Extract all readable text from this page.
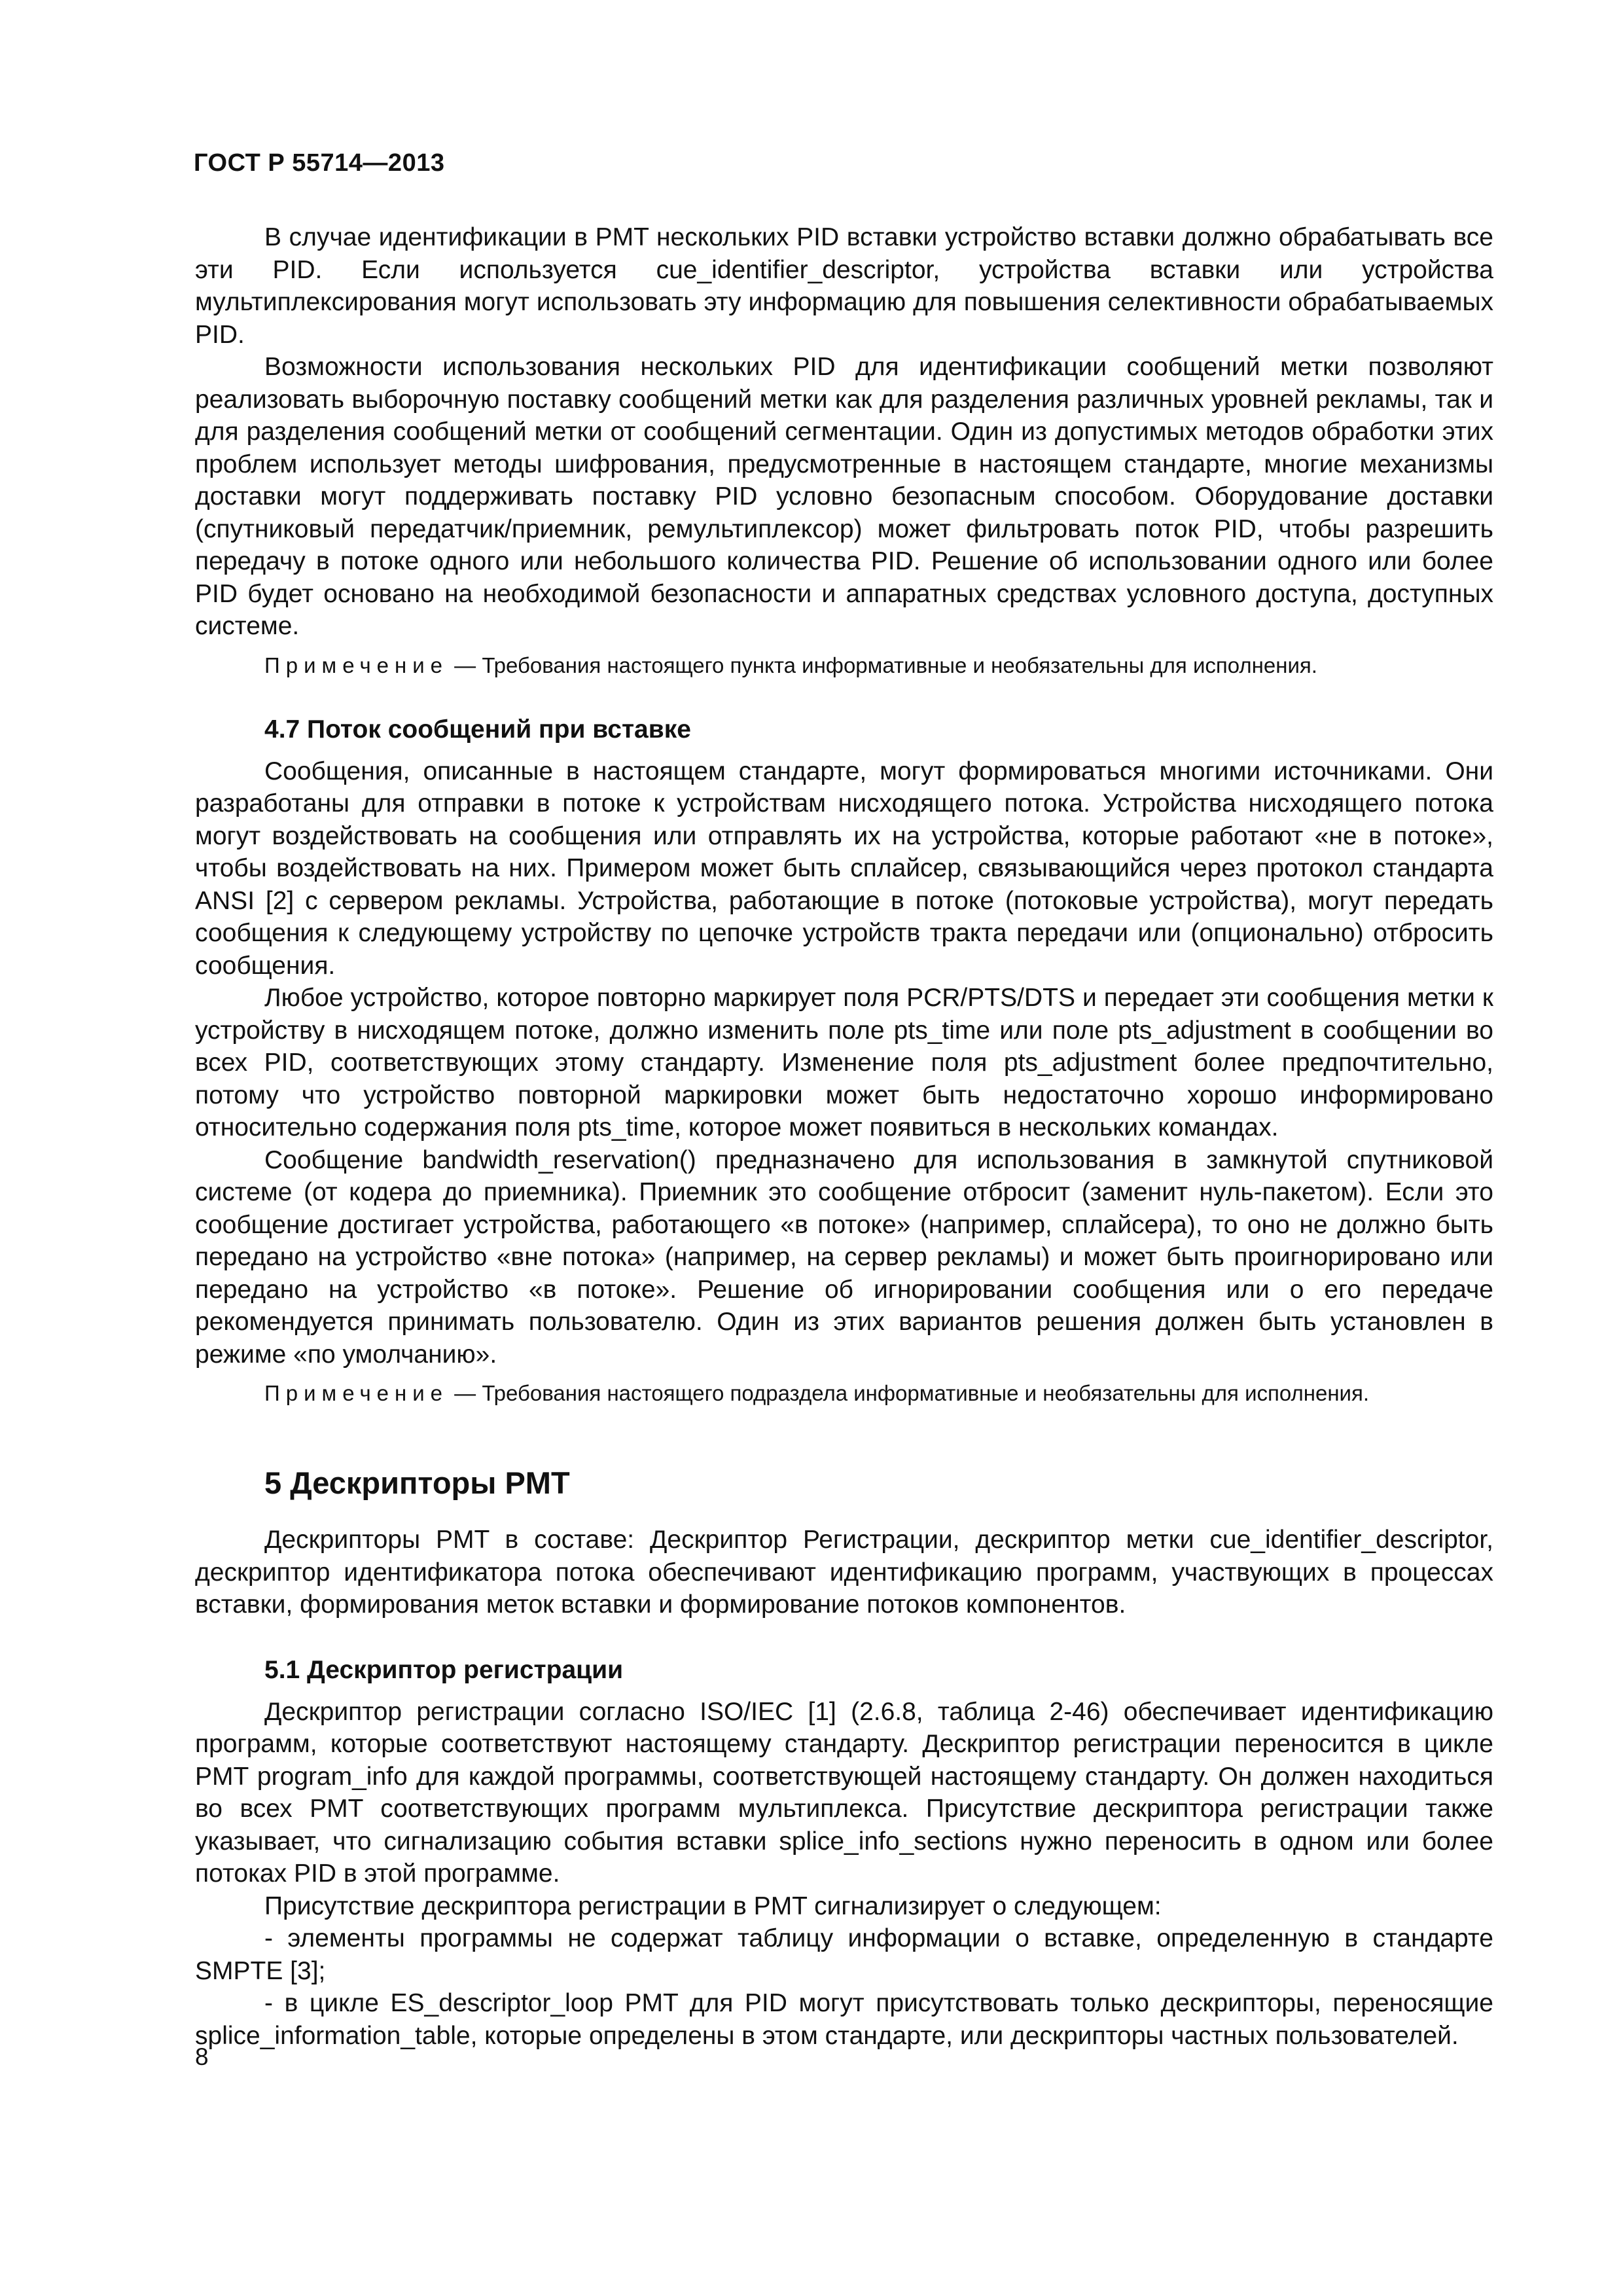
ГОСТ Р 55714—2013

В случае идентификации в PMT нескольких PID вставки устройство вставки должно обрабатывать все эти PID. Если используется cue_identifier_descriptor, устройства вставки или устройства мультиплексирования могут использовать эту информацию для повышения селективности обрабатываемых PID.

Возможности использования нескольких PID для идентификации сообщений метки позволяют реализовать выборочную поставку сообщений метки как для разделения различных уровней рекламы, так и для разделения сообщений метки от сообщений сегментации. Один из допустимых методов обработки этих проблем использует методы шифрования, предусмотренные в настоящем стандарте, многие механизмы доставки могут поддерживать поставку PID условно безопасным способом. Оборудование доставки (спутниковый передатчик/приемник, ремультиплексор) может фильтровать поток PID, чтобы разрешить передачу в потоке одного или небольшого количества PID. Решение об использовании одного или более PID будет основано на необходимой безопасности и аппаратных средствах условного доступа, доступных системе.

Примечение — Требования настоящего пункта информативные и необязательны для исполнения.

4.7 Поток сообщений при вставке

Сообщения, описанные в настоящем стандарте, могут формироваться многими источниками. Они разработаны для отправки в потоке к устройствам нисходящего потока. Устройства нисходящего потока могут воздействовать на сообщения или отправлять их на устройства, которые работают «не в потоке», чтобы воздействовать на них. Примером может быть сплайсер, связывающийся через протокол стандарта ANSI [2] с сервером рекламы. Устройства, работающие в потоке (потоковые устройства), могут передать сообщения к следующему устройству по цепочке устройств тракта передачи или (опционально) отбросить сообщения.

Любое устройство, которое повторно маркирует поля PCR/PTS/DTS и передает эти сообщения метки к устройству в нисходящем потоке, должно изменить поле pts_time или поле pts_adjustment в сообщении во всех PID, соответствующих этому стандарту. Изменение поля pts_adjustment более предпочтительно, потому что устройство повторной маркировки может быть недостаточно хорошо информировано относительно содержания поля pts_time, которое может появиться в нескольких командах.

Сообщение bandwidth_reservation() предназначено для использования в замкнутой спутниковой системе (от кодера до приемника). Приемник это сообщение отбросит (заменит нуль-пакетом). Если это сообщение достигает устройства, работающего «в потоке» (например, сплайсера), то оно не должно быть передано на устройство «вне потока» (например, на сервер рекламы) и может быть проигнорировано или передано на устройство «в потоке». Решение об игнорировании сообщения или о его передаче рекомендуется принимать пользователю. Один из этих вариантов решения должен быть установлен в режиме «по умолчанию».

Примечение — Требования настоящего подраздела информативные и необязательны для исполнения.

5 Дескрипторы PMT

Дескрипторы PMT в составе: Дескриптор Регистрации, дескриптор метки cue_identifier_descriptor, дескриптор идентификатора потока обеспечивают идентификацию программ, участвующих в процессах вставки, формирования меток вставки и формирование потоков компонентов.

5.1 Дескриптор регистрации

Дескриптор регистрации согласно ISO/IEC [1] (2.6.8, таблица 2-46) обеспечивает идентификацию программ, которые соответствуют настоящему стандарту. Дескриптор регистрации переносится в цикле PMT program_info для каждой программы, соответствующей настоящему стандарту. Он должен находиться во всех PMT соответствующих программ мультиплекса. Присутствие дескриптора регистрации также указывает, что сигнализацию события вставки splice_info_sections нужно переносить в одном или более потоках PID в этой программе.

Присутствие дескриптора регистрации в PMT сигнализирует о следующем:

- элементы программы не содержат таблицу информации о вставке, определенную в стандарте SMPTE [3];

- в цикле ES_descriptor_loop PMT для PID могут присутствовать только дескрипторы, переносящие splice_information_table, которые определены в этом стандарте, или дескрипторы частных пользователей.

8
